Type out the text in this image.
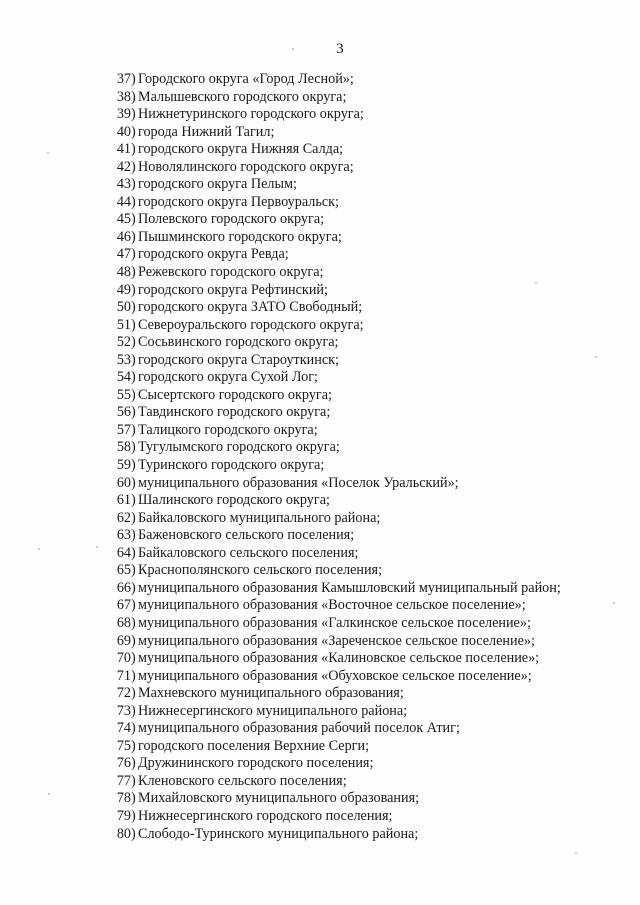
3
37 ) Городского округа «Город Лесной»;
38 ) Малышевского городского округа;
39 ) Нижнетуринского городского округа;
40 ) города Нижний Тагил;
41 ) городского округа Нижняя Салда;
42 ) Новолялинского городского округа;
43 ) городского округа Пелым;
44 ) городского округа Первоуральск;
45 ) Полевского городского округа;
46 ) Пышминского городского округа;
47 ) городского округа Ревда;
48 ) Режевского городского округа;
49 ) городского округа Рефтинский;
50 ) городского округа ЗАТО Свободный;
51 ) Североуральского городского округа;
52 ) Сосьвинского городского округа;
53 ) городского округа Староуткинск;
54 ) городского округа Сухой Лог;
55 ) Сысертского городского округа;
56 ) Тавдинского городского округа;
57 ) Талицкого городского округа;
58 ) Тугулымского городского округа;
59 ) Туринского городского округа;
60 ) муниципального образования «Поселок Уральский»;
61 ) Шалинского городского округа;
62 ) Байкаловского муниципального района;
63 ) Баженовского сельского поселения;
64 ) Байкаловского сельского поселения;
65 ) Краснополянского сельского поселения;
66 ) муниципального образования Камышловский муниципальный район;
67 ) муниципального образования «Восточное сельское поселение»;
68 ) муниципального образования «Галкинское сельское поселение»;
69 ) муниципального образования «Зареченское сельское поселение»;
70 ) муниципального образования «Калиновское сельское поселение»;
71 ) муниципального образования «Обуховское сельское поселение»;
72 ) Махневского муниципального образования;
73 ) Нижнесергинского муниципального района;
74 ) муниципального образования рабочий поселок Атиг;
75 ) городского поселения Верхние Серги;
76 ) Дружининского городского поселения;
77 ) Кленовского сельского поселения;
78 ) Михайловского муниципального образования;
79 ) Нижнесергинского городского поселения;
80 ) Слободо-Туринского муниципального района;
